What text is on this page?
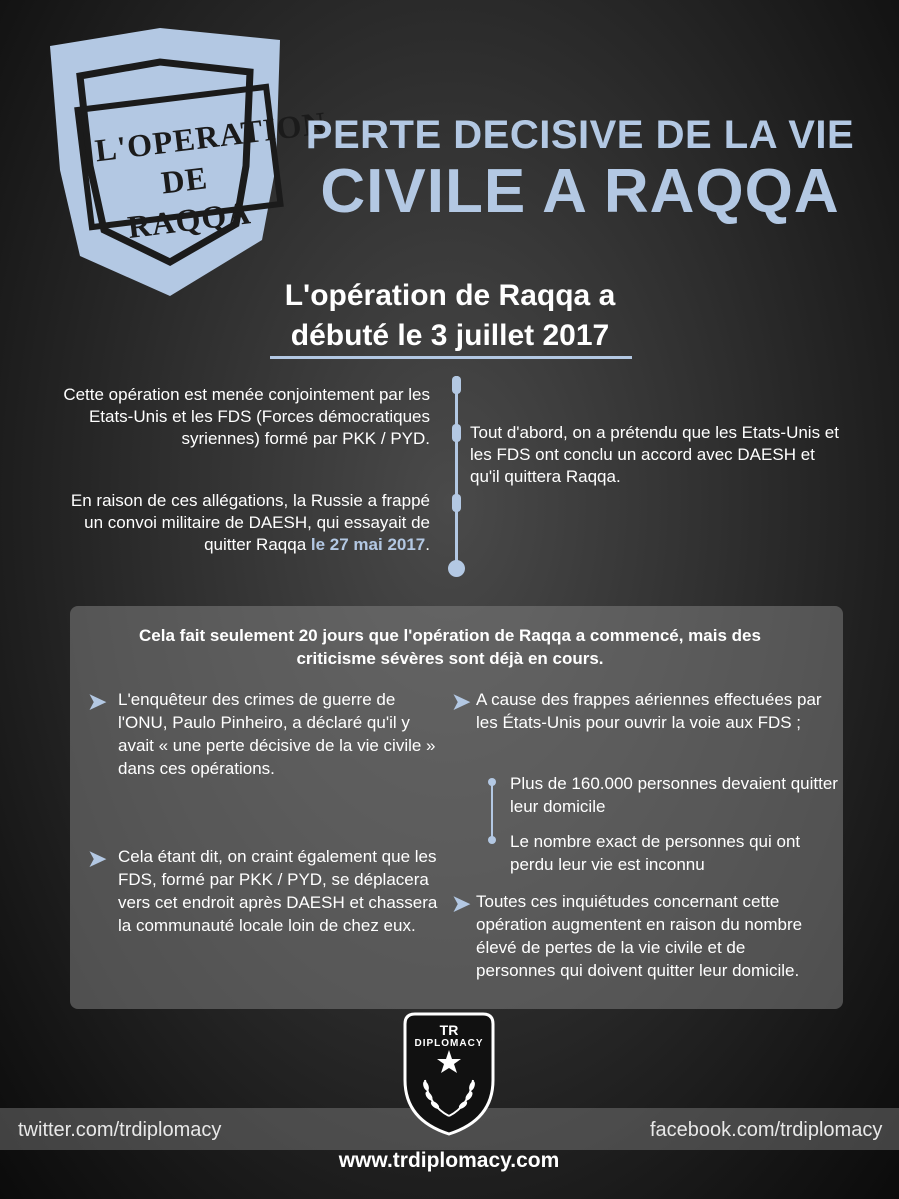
L'OPERATION
DE RAQQA
PERTE DECISIVE DE LA VIE
CIVILE A RAQQA
L'opération de Raqqa a
débuté le 3 juillet 2017
Cette opération est menée conjointement par les Etats-Unis et les FDS (Forces démocratiques syriennes) formé par PKK / PYD.
En raison de ces allégations, la Russie a frappé un convoi militaire de DAESH, qui essayait de quitter Raqqa le 27 mai 2017.
Tout d'abord, on a prétendu que les Etats-Unis et les FDS ont conclu un accord avec DAESH et qu'il quittera Raqqa.
Cela fait seulement 20 jours que l'opération de Raqqa a commencé, mais des criticisme sévères sont déjà en cours.
➤ L'enquêteur des crimes de guerre de l'ONU, Paulo Pinheiro, a déclaré qu'il y avait « une perte décisive de la vie civile » dans ces opérations.
➤ Cela étant dit, on craint également que les FDS, formé par PKK / PYD, se déplacera vers cet endroit après DAESH et chassera la communauté locale loin de chez eux.
➤ A cause des frappes aériennes effectuées par les États-Unis pour ouvrir la voie aux FDS ;
Plus de 160.000 personnes devaient quitter leur domicile
Le nombre exact de personnes qui ont perdu leur vie est inconnu
➤ Toutes ces inquiétudes concernant cette opération augmentent en raison du nombre élevé de pertes de la vie civile et de personnes qui doivent quitter leur domicile.
TR
DIPLOMACY
twitter.com/trdiplomacy	facebook.com/trdiplomacy
www.trdiplomacy.com
